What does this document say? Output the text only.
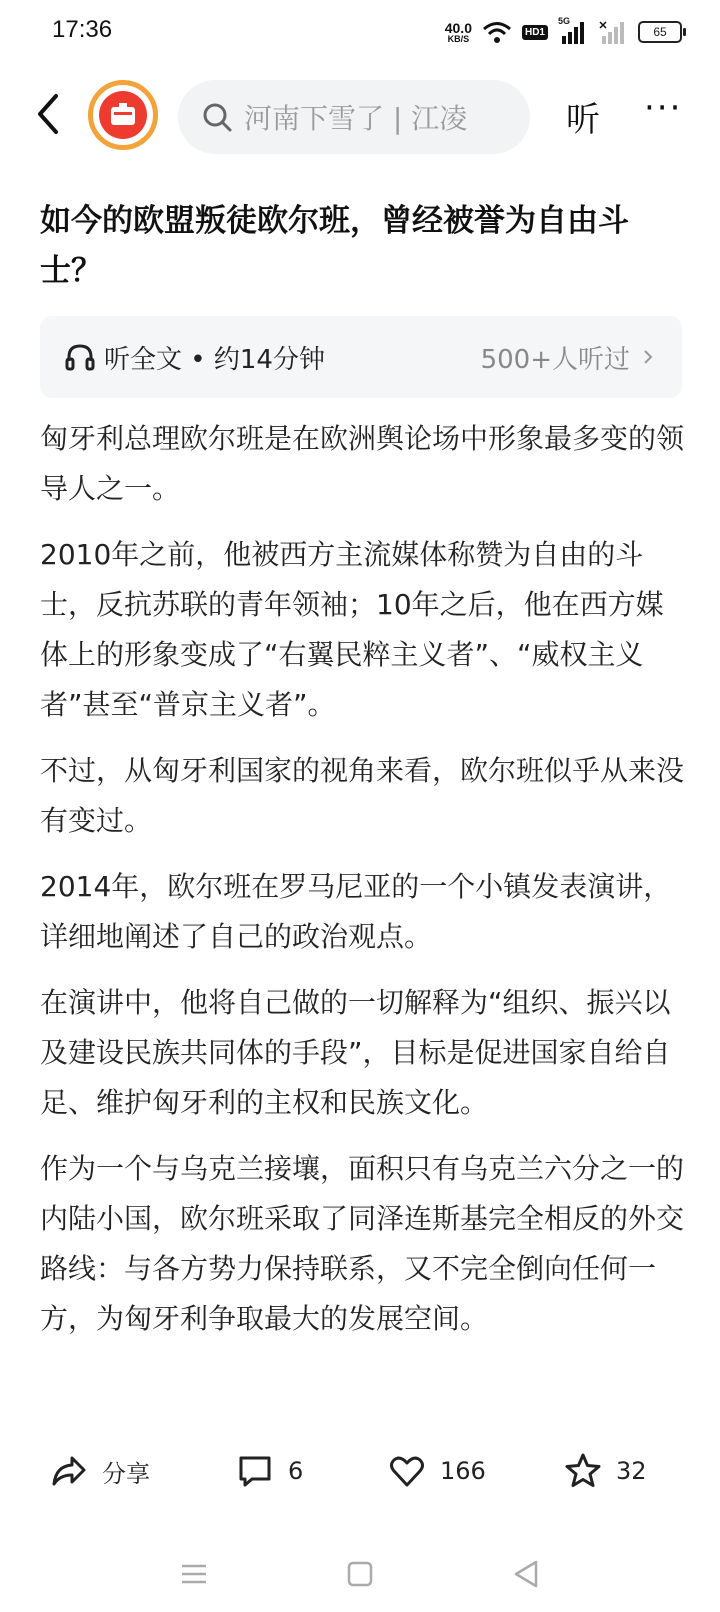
17:36	40.0
KB/S
HD1
5G
65
河南下雪了 | 江凌	听 ···
如今的欧盟叛徒欧尔班，曾经被誉为自由斗士？
听全文 • 约14分钟	500+人听过

匈牙利总理欧尔班是在欧洲舆论场中形象最多变的领导人之一。

2010年之前，他被西方主流媒体称赞为自由的斗士，反抗苏联的青年领袖；10年之后，他在西方媒体上的形象变成了“右翼民粹主义者”、“威权主义者”甚至“普京主义者”。

不过，从匈牙利国家的视角来看，欧尔班似乎从来没有变过。

2014年，欧尔班在罗马尼亚的一个小镇发表演讲，详细地阐述了自己的政治观点。

在演讲中，他将自己做的一切解释为“组织、振兴以及建设民族共同体的手段”，目标是促进国家自给自足、维护匈牙利的主权和民族文化。

作为一个与乌克兰接壤，面积只有乌克兰六分之一的内陆小国，欧尔班采取了同泽连斯基完全相反的外交路线：与各方势力保持联系，又不完全倒向任何一方，为匈牙利争取最大的发展空间。

分享	6	166	32
